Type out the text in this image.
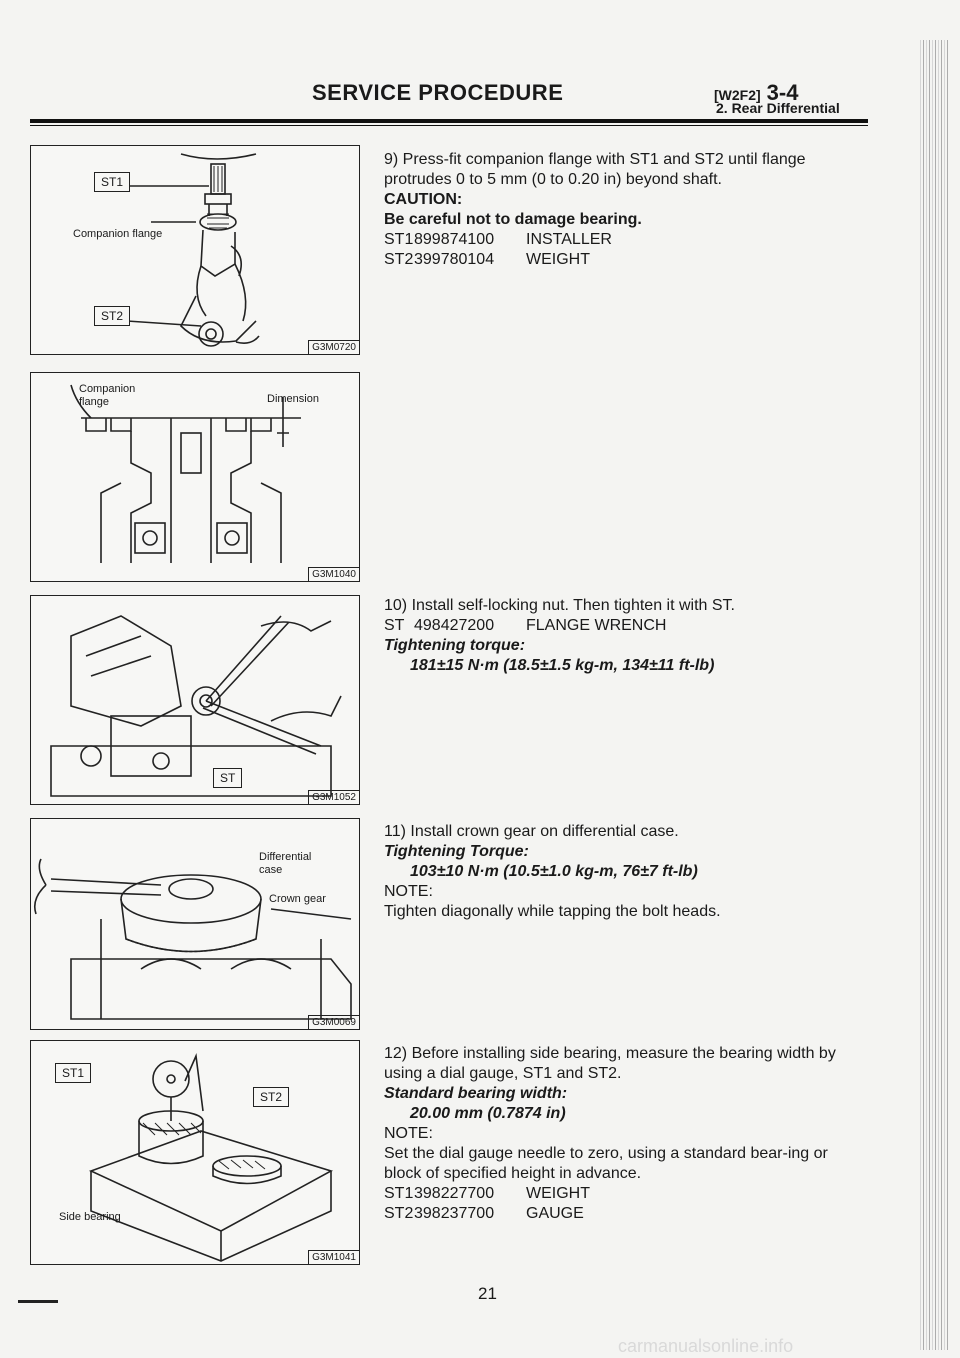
SERVICE PROCEDURE	[W2F2] 3-4
2. Rear Differential
ST1
ST2
Companion flange
G3M0720
Companion
flange	Dimension
G3M1040
ST
G3M1052
Differential
case
Crown gear
G3M0069
ST1
ST2
Side bearing
G3M1041

9) Press-fit companion flange with ST1 and ST2 until flange protrudes 0 to 5 mm (0 to 0.20 in) beyond shaft.

CAUTION:

Be careful not to damage bearing.

ST1 899874100	INSTALLER
ST2 399780104	WEIGHT

10) Install self-locking nut. Then tighten it with ST.

ST 498427200	FLANGE WRENCH

Tightening torque:

181±15 N·m (18.5±1.5 kg-m, 134±11 ft-lb)

11) Install crown gear on differential case.

Tightening Torque:

103±10 N·m (10.5±1.0 kg-m, 76±7 ft-lb)

NOTE:

Tighten diagonally while tapping the bolt heads.

12) Before installing side bearing, measure the bearing width by using a dial gauge, ST1 and ST2.

Standard bearing width:

20.00 mm (0.7874 in)

NOTE:

Set the dial gauge needle to zero, using a standard bear-ing or block of specified height in advance.

ST1 398227700	WEIGHT
ST2 398237700	GAUGE
21
carmanualsonline.info
